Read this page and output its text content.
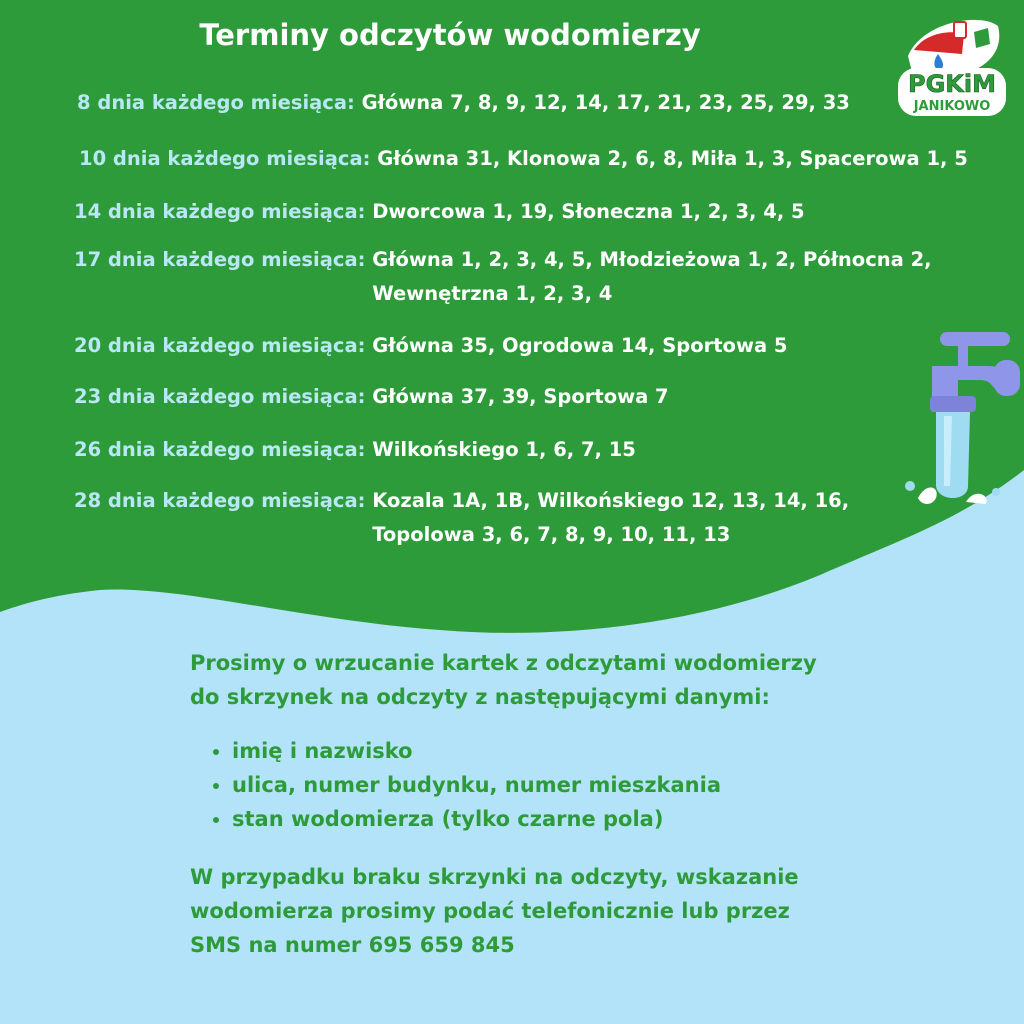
Terminy odczytów wodomierzy
PGKiM
JANIKOWO
8 dnia każdego miesiąca: Główna 7, 8, 9, 12, 14, 17, 21, 23, 25, 29, 33
10 dnia każdego miesiąca: Główna 31, Klonowa 2, 6, 8, Miła 1, 3, Spacerowa 1, 5
14 dnia każdego miesiąca: Dworcowa 1, 19, Słoneczna 1, 2, 3, 4, 5
17 dnia każdego miesiąca: Główna 1, 2, 3, 4, 5, Młodzieżowa 1, 2, Północna 2,
Wewnętrzna 1, 2, 3, 4
20 dnia każdego miesiąca: Główna 35, Ogrodowa 14, Sportowa 5
23 dnia każdego miesiąca: Główna 37, 39, Sportowa 7
26 dnia każdego miesiąca: Wilkońskiego 1, 6, 7, 15
28 dnia każdego miesiąca: Kozala 1A, 1B, Wilkońskiego 12, 13, 14, 16,
Topolowa 3, 6, 7, 8, 9, 10, 11, 13

Prosimy o wrzucanie kartek z odczytami wodomierzy

do skrzynek na odczyty z następującymi danymi:

• imię i nazwisko
• ulica, numer budynku, numer mieszkania
• stan wodomierza (tylko czarne pola)

W przypadku braku skrzynki na odczyty, wskazanie

wodomierza prosimy podać telefonicznie lub przez

SMS na numer 695 659 845
